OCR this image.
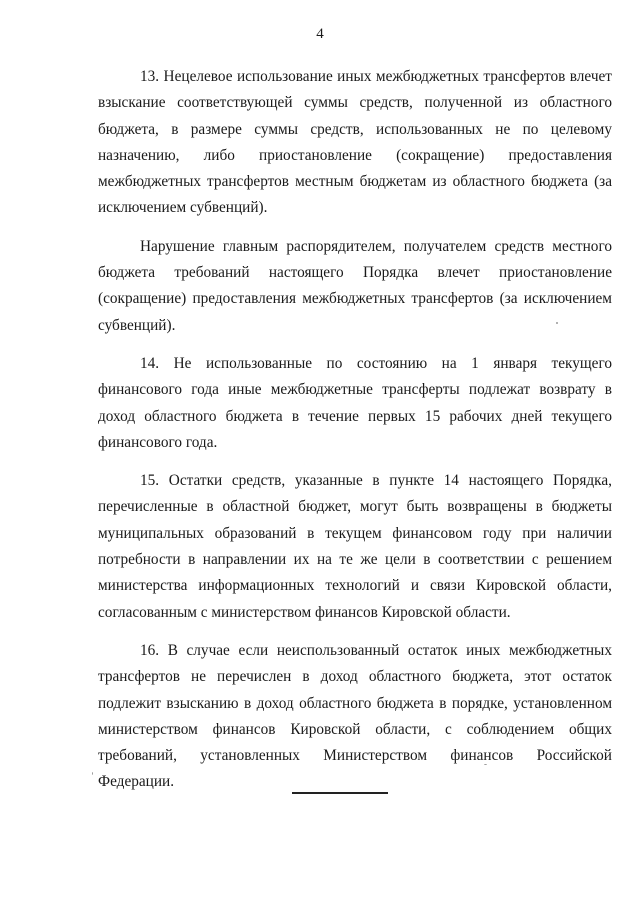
4

13. Нецелевое использование иных межбюджетных трансфертов влечет взыскание соответствующей суммы средств, полученной из областного бюджета, в размере суммы средств, использованных не по целевому назначению, либо приостановление (сокращение) предоставления межбюджетных трансфертов местным бюджетам из областного бюджета (за исключением субвенций).

Нарушение главным распорядителем, получателем средств местного бюджета требований настоящего Порядка влечет приостановление (сокращение) предоставления межбюджетных трансфертов (за исключением субвенций).

14. Не использованные по состоянию на 1 января текущего финансового года иные межбюджетные трансферты подлежат возврату в доход областного бюджета в течение первых 15 рабочих дней текущего финансового года.

15. Остатки средств, указанные в пункте 14 настоящего Порядка, перечисленные в областной бюджет, могут быть возвращены в бюджеты муниципальных образований в текущем финансовом году при наличии потребности в направлении их на те же цели в соответствии с решением министерства информационных технологий и связи Кировской области, согласованным с министерством финансов Кировской области.

16. В случае если неиспользованный остаток иных межбюджетных трансфертов не перечислен в доход областного бюджета, этот остаток подлежит взысканию в доход областного бюджета в порядке, установленном министерством финансов Кировской области, с соблюдением общих требований, установленных Министерством финансов Российской Федерации.
